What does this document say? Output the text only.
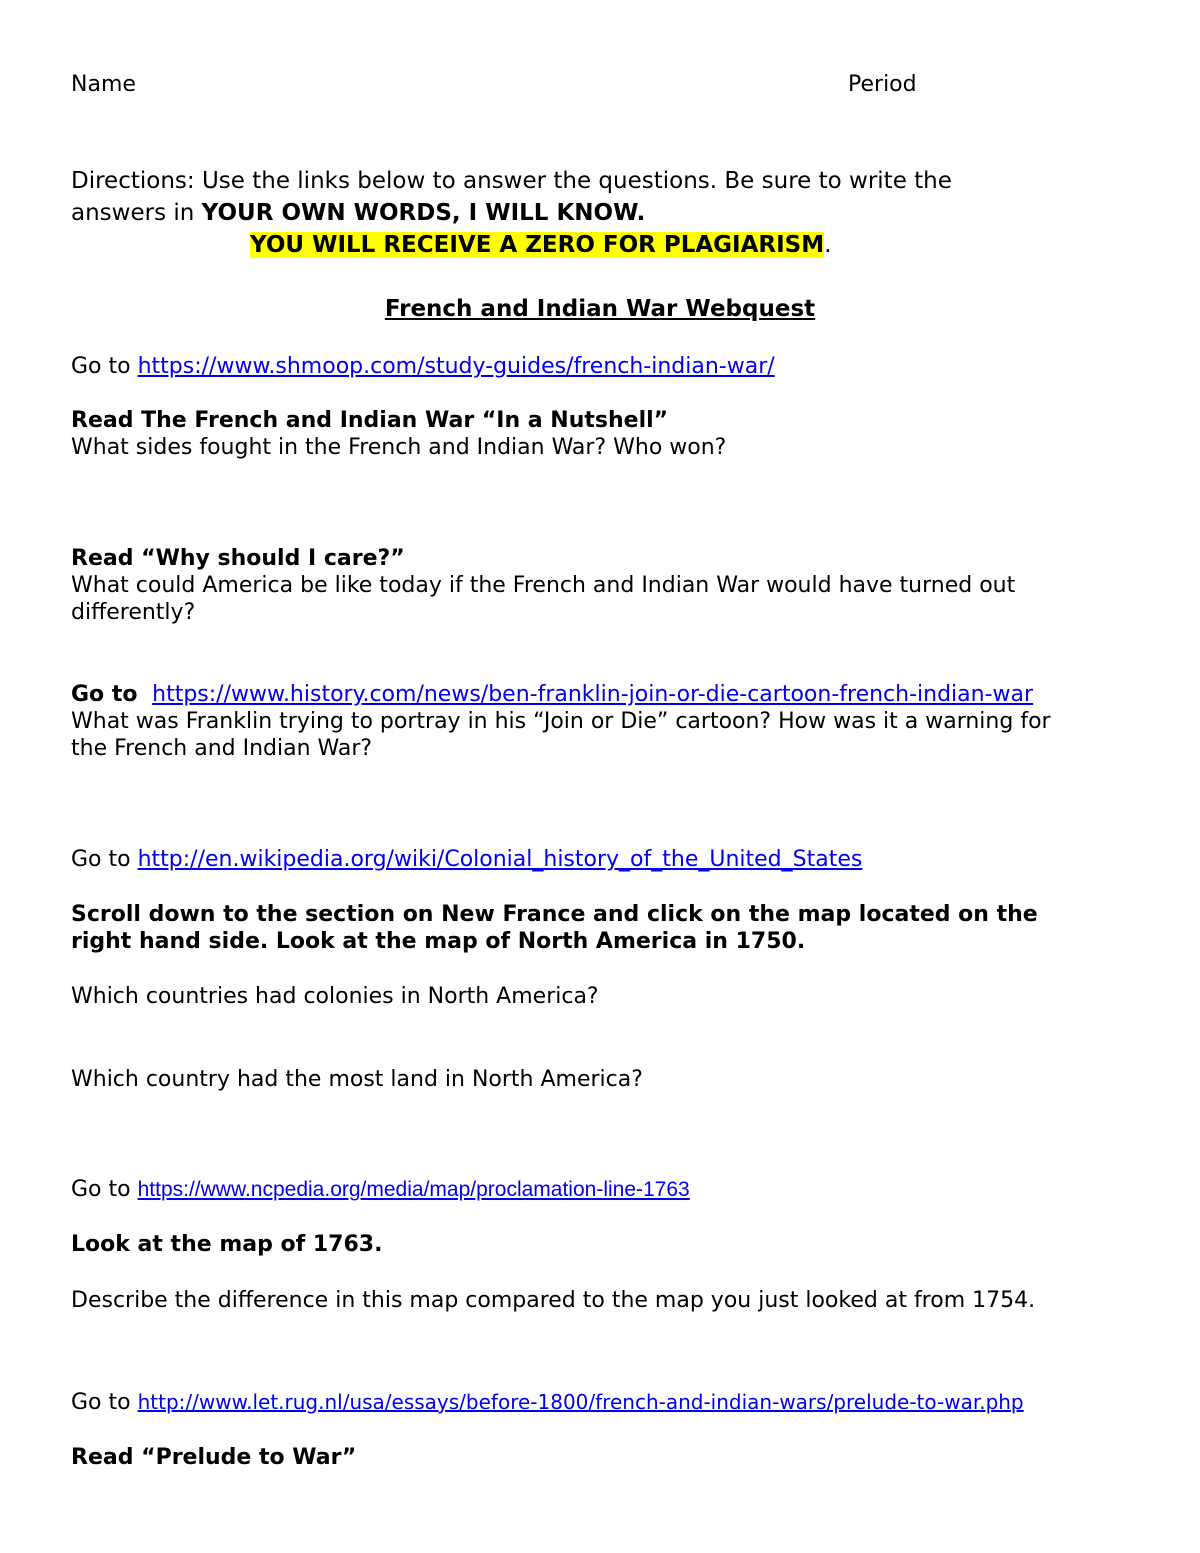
Name	Period
Directions: Use the links below to answer the questions. Be sure to write the
answers in YOUR OWN WORDS, I WILL KNOW.
YOU WILL RECEIVE A ZERO FOR PLAGIARISM.
French and Indian War Webquest
Go to https://www.shmoop.com/study-guides/french-indian-war/
Read The French and Indian War “In a Nutshell”
What sides fought in the French and Indian War? Who won?
Read “Why should I care?”
What could America be like today if the French and Indian War would have turned out
differently?
Go to  https://www.history.com/news/ben-franklin-join-or-die-cartoon-french-indian-war
What was Franklin trying to portray in his “Join or Die” cartoon? How was it a warning for
the French and Indian War?
Go to http://en.wikipedia.org/wiki/Colonial_history_of_the_United_States
Scroll down to the section on New France and click on the map located on the
right hand side. Look at the map of North America in 1750.
Which countries had colonies in North America?
Which country had the most land in North America?
Go to https://www.ncpedia.org/media/map/proclamation-line-1763
Look at the map of 1763.
Describe the difference in this map compared to the map you just looked at from 1754.
Go to http://www.let.rug.nl/usa/essays/before-1800/french-and-indian-wars/prelude-to-war.php
Read “Prelude to War”
